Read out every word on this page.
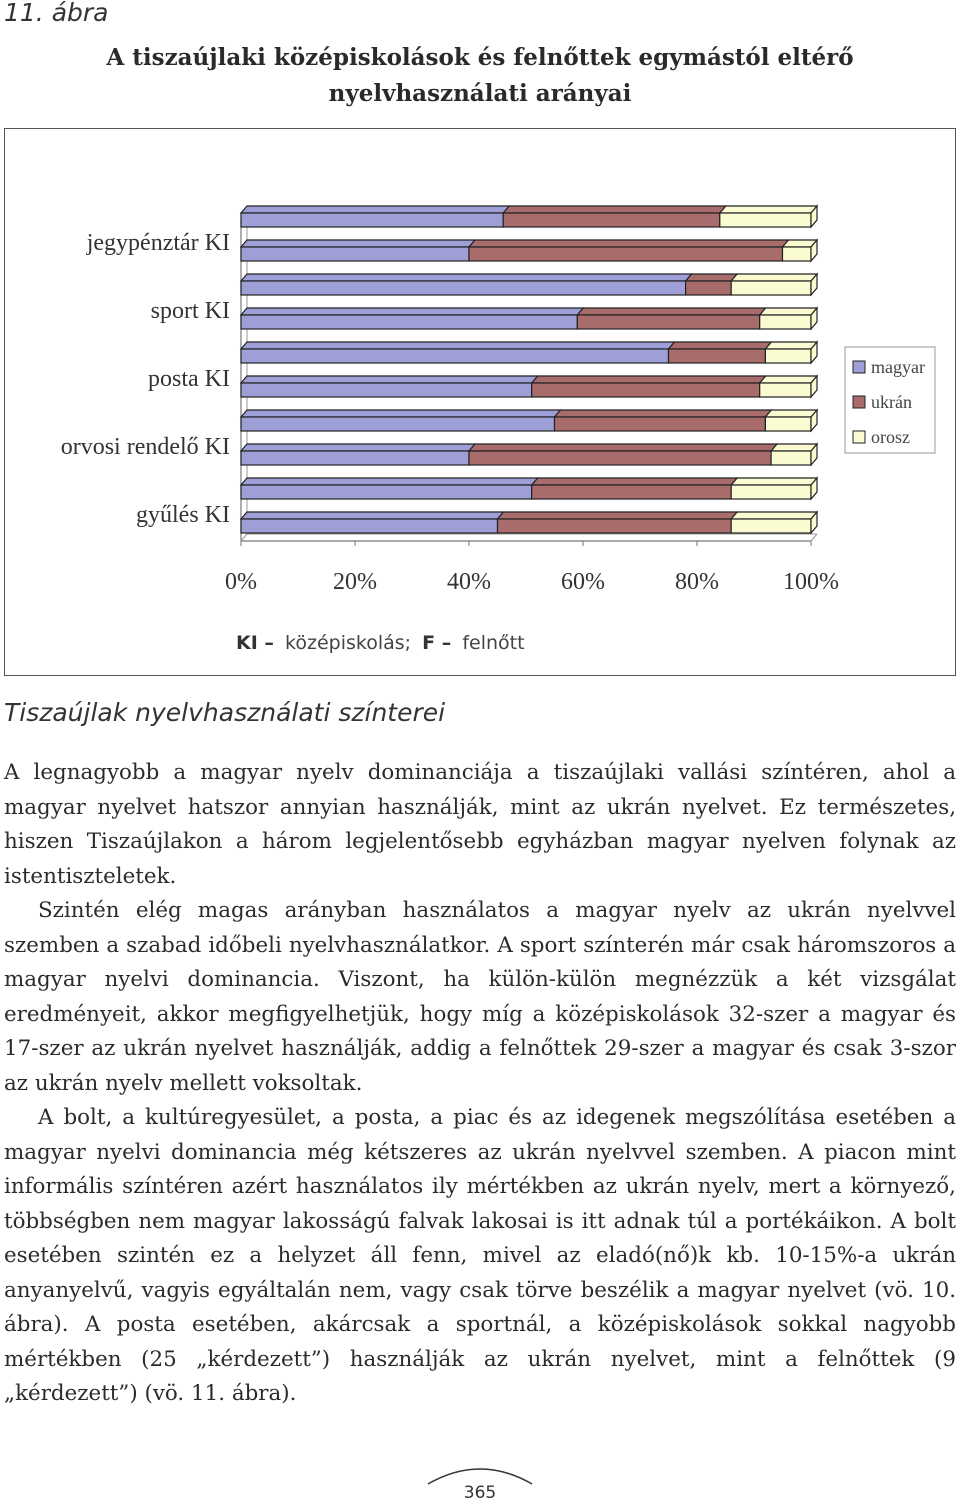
11. ábra
A tiszaújlaki középiskolások és felnőttek egymástól eltérő
nyelvhasználati arányai
gyűlés KI
orvosi rendelő KI
posta KI
sport KI
jegypénztár KI
0%	20%	40%	60%	80%	100%
magyar
ukrán
orosz
KI – középiskolás; F – felnőtt
Tiszaújlak nyelvhasználati színterei

A legnagyobb a magyar nyelv dominanciája a tiszaújlaki vallási színtéren, ahol a magyar nyelvet hatszor annyian használják, mint az ukrán nyelvet. Ez természetes, hiszen Tiszaújlakon a három legjelentősebb egyházban magyar nyelven folynak az istentiszteletek.

Szintén elég magas arányban használatos a magyar nyelv az ukrán nyelvvel szemben a szabad időbeli nyelvhasználatkor. A sport színterén már csak háromszoros a magyar nyelvi dominancia. Viszont, ha külön-külön megnézzük a két vizsgálat eredményeit, akkor megfigyelhetjük, hogy míg a középiskolások 32-szer a magyar és 17-szer az ukrán nyelvet használják, addig a felnőttek 29-szer a magyar és csak 3-szor az ukrán nyelv mellett voksoltak.

A bolt, a kultúregyesület, a posta, a piac és az idegenek megszólítása esetében a magyar nyelvi dominancia még kétszeres az ukrán nyelvvel szemben. A piacon mint informális színtéren azért használatos ily mértékben az ukrán nyelv, mert a környező, többségben nem magyar lakosságú falvak lakosai is itt adnak túl a portékáikon. A bolt esetében szintén ez a helyzet áll fenn, mivel az eladó(nő)k kb. 10-15%-a ukrán anyanyelvű, vagyis egyáltalán nem, vagy csak törve beszélik a magyar nyelvet (vö. 10. ábra). A posta esetében, akárcsak a sportnál, a középiskolások sokkal nagyobb mértékben (25 „kérdezett”) használják az ukrán nyelvet, mint a felnőttek (9 „kérdezett”) (vö. 11. ábra).

365
